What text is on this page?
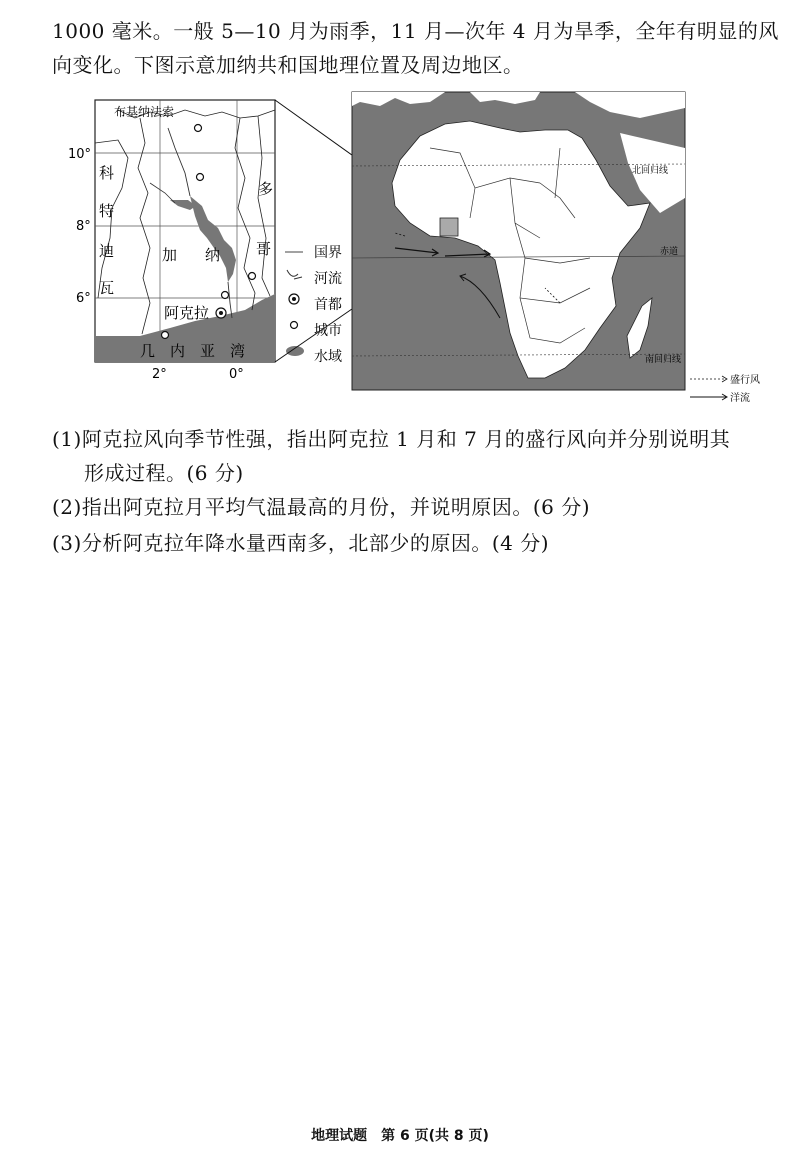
1000 毫米。一般 5—10 月为雨季，11 月—次年 4 月为旱季，全年有明显的风

向变化。下图示意加纳共和国地理位置及周边地区。

布基纳法索
科
特
迪
瓦
加 纳
多
哥
阿克拉
几 内 亚 湾
10°
8°
6°
2°	0°
国界
河流
首都
城市
水域
北回归线
赤道
南回归线
盛行风
洋流
(1)阿克拉风向季节性强，指出阿克拉 1 月和 7 月的盛行风向并分别说明其
形成过程。(6 分)
(2)指出阿克拉月平均气温最高的月份，并说明原因。(6 分)
(3)分析阿克拉年降水量西南多，北部少的原因。(4 分)
地理试题　第 6 页(共 8 页)
